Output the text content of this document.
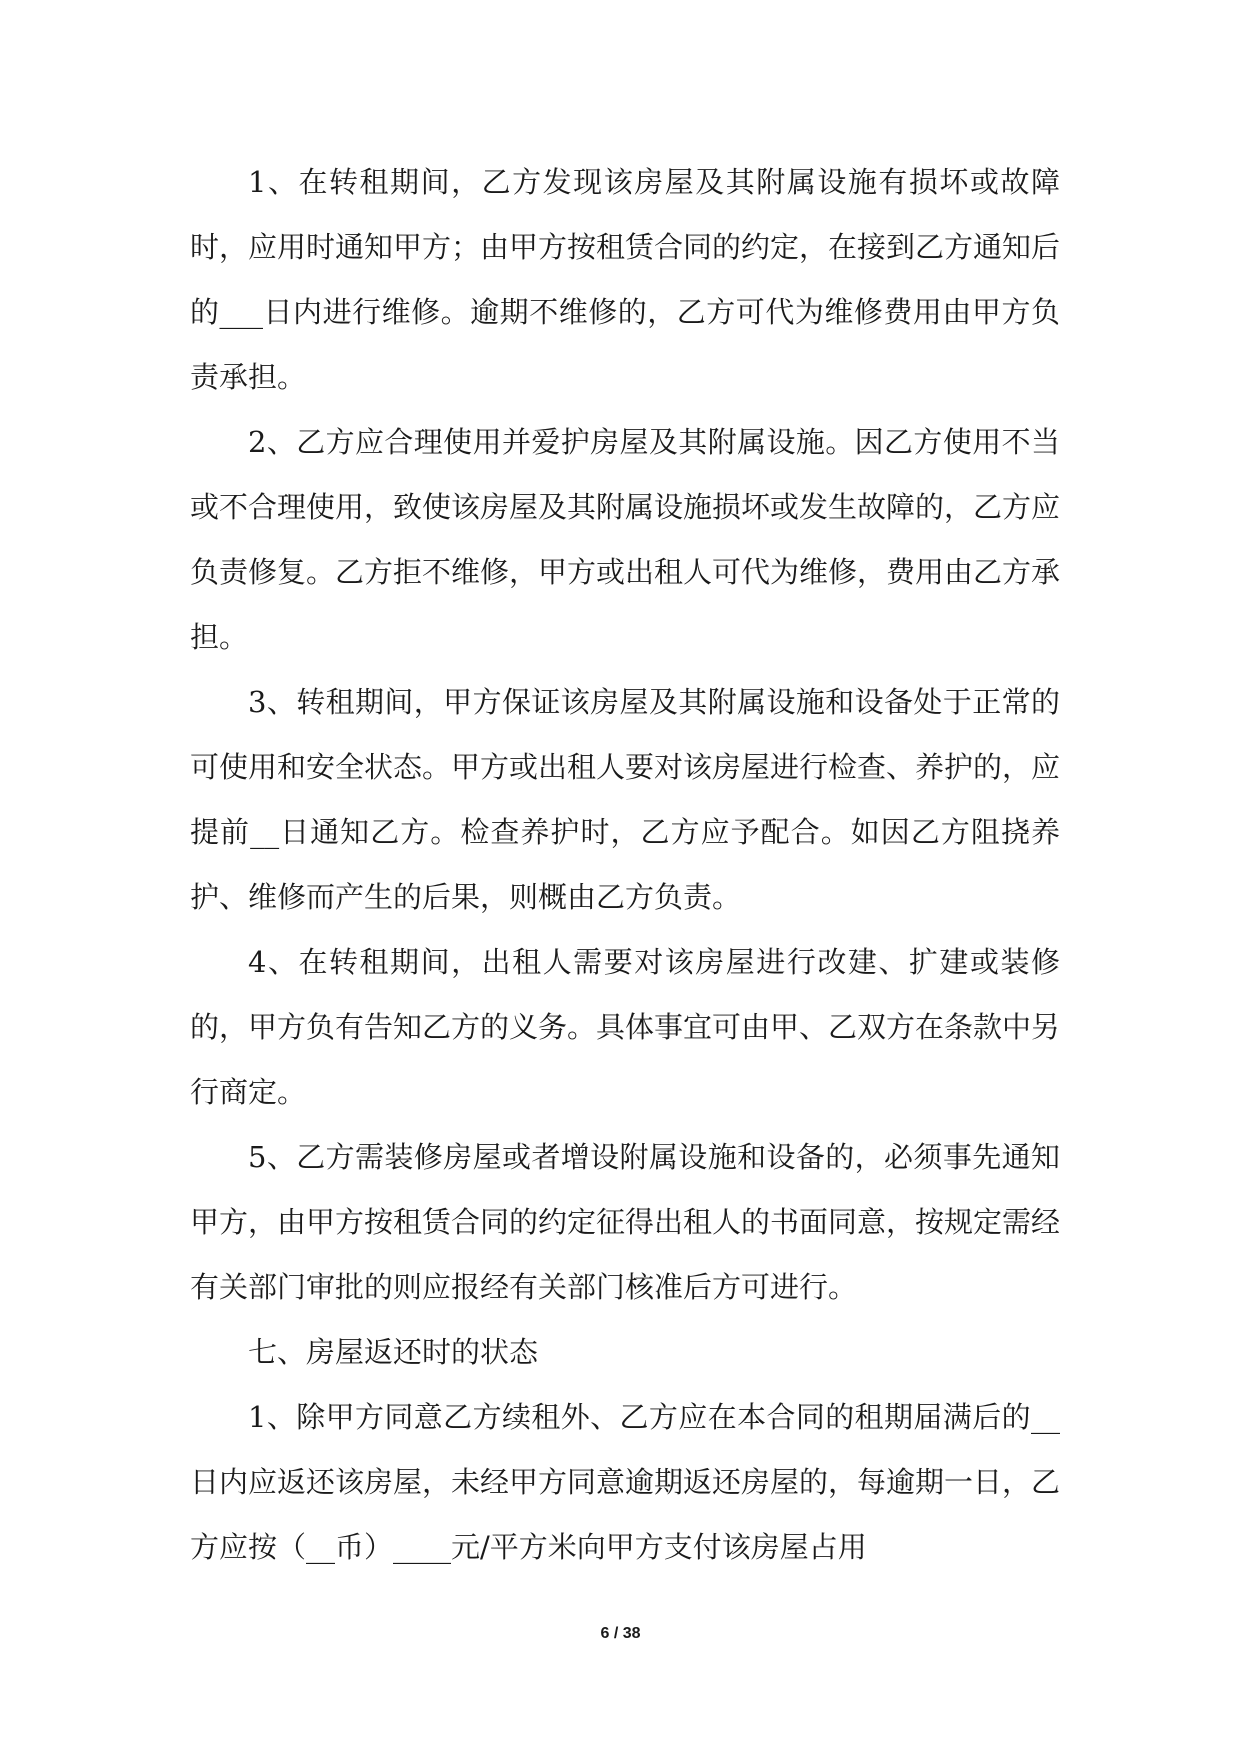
1、在转租期间，乙方发现该房屋及其附属设施有损坏或故障时，应用时通知甲方；由甲方按租赁合同的约定，在接到乙方通知后的___日内进行维修。逾期不维修的，乙方可代为维修费用由甲方负责承担。

2、乙方应合理使用并爱护房屋及其附属设施。因乙方使用不当或不合理使用，致使该房屋及其附属设施损坏或发生故障的，乙方应负责修复。乙方拒不维修，甲方或出租人可代为维修，费用由乙方承担。

3、转租期间，甲方保证该房屋及其附属设施和设备处于正常的可使用和安全状态。甲方或出租人要对该房屋进行检查、养护的，应提前__日通知乙方。检查养护时，乙方应予配合。如因乙方阻挠养护、维修而产生的后果，则概由乙方负责。

4、在转租期间，出租人需要对该房屋进行改建、扩建或装修的，甲方负有告知乙方的义务。具体事宜可由甲、乙双方在条款中另行商定。

5、乙方需装修房屋或者增设附属设施和设备的，必须事先通知甲方，由甲方按租赁合同的约定征得出租人的书面同意，按规定需经有关部门审批的则应报经有关部门核准后方可进行。

七、房屋返还时的状态

1、除甲方同意乙方续租外、乙方应在本合同的租期届满后的__日内应返还该房屋，未经甲方同意逾期返还房屋的，每逾期一日，乙方应按（__币）____元/平方米向甲方支付该房屋占用

6 / 38
